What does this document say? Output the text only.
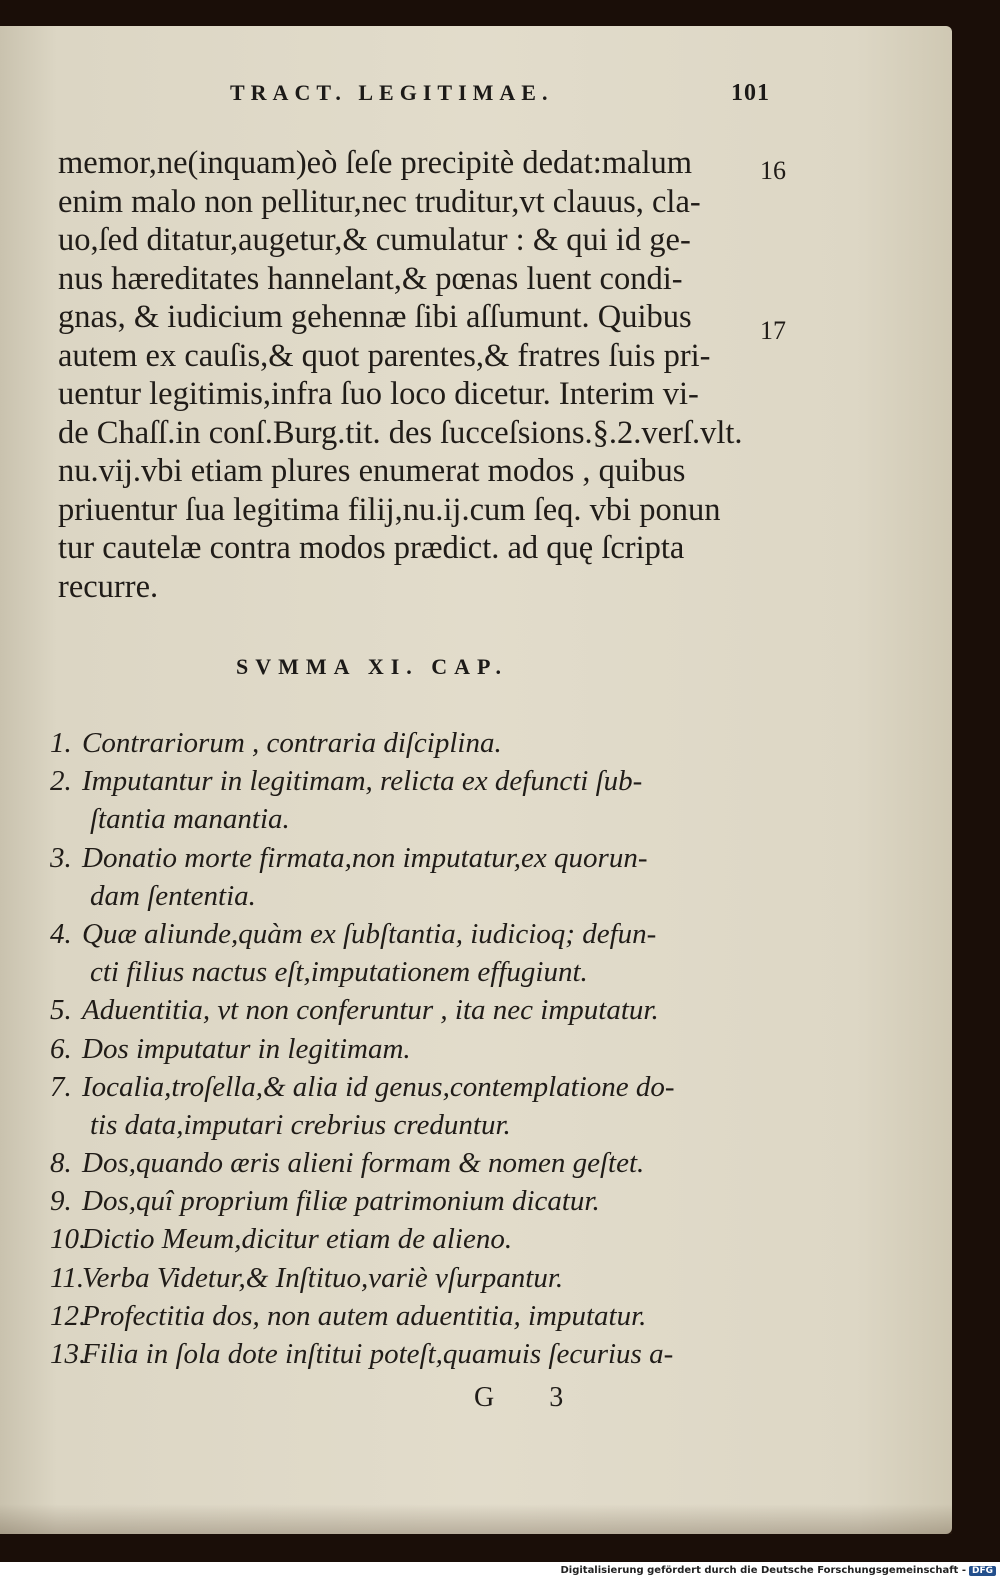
TRACT. LEGITIMAE.	101
memor,ne(inquam)eò ſeſe precipitè dedat:malum
enim malo non pellitur,nec truditur,vt clauus, cla-
uo,ſed ditatur,augetur,& cumulatur : & qui id ge-
nus hæreditates hannelant,& pœnas luent condi-
gnas, & iudicium gehennæ ſibi aſſumunt. Quibus
autem ex cauſis,& quot parentes,& fratres ſuis pri-
uentur legitimis,infra ſuo loco dicetur. Interim vi-
de Chaſſ.in conſ.Burg.tit. des ſucceſsions.§.2.verſ.vlt.
nu.vij.vbi etiam plures enumerat modos , quibus
priuentur ſua legitima filij,nu.ij.cum ſeq. vbi ponun
tur cautelæ contra modos prædict. ad quę ſcripta
recurre.
16
17
SVMMA XI. CAP.
1. Contrariorum , contraria diſciplina.
2. Imputantur in legitimam, relicta ex defuncti ſub-
ſtantia manantia.
3. Donatio morte firmata,non imputatur,ex quorun-
dam ſententia.
4. Quæ aliunde,quàm ex ſubſtantia, iudicioq; defun-
cti filius nactus eſt,imputationem effugiunt.
5. Aduentitia, vt non conferuntur , ita nec imputatur.
6. Dos imputatur in legitimam.
7. Iocalia,troſella,& alia id genus,contemplatione do-
tis data,imputari crebrius creduntur.
8. Dos,quando æris alieni formam & nomen geſtet.
9. Dos,quî proprium filiæ patrimonium dicatur.
10.Dictio Meum,dicitur etiam de alieno.
11.Verba Videtur,& Inſtituo,variè vſurpantur.
12.Profectitia dos, non autem aduentitia, imputatur.
13.Filia in ſola dote inſtitui poteſt,quamuis ſecurius a-
G 3
Digitalisierung gefördert durch die Deutsche Forschungsgemeinschaft - DFG
